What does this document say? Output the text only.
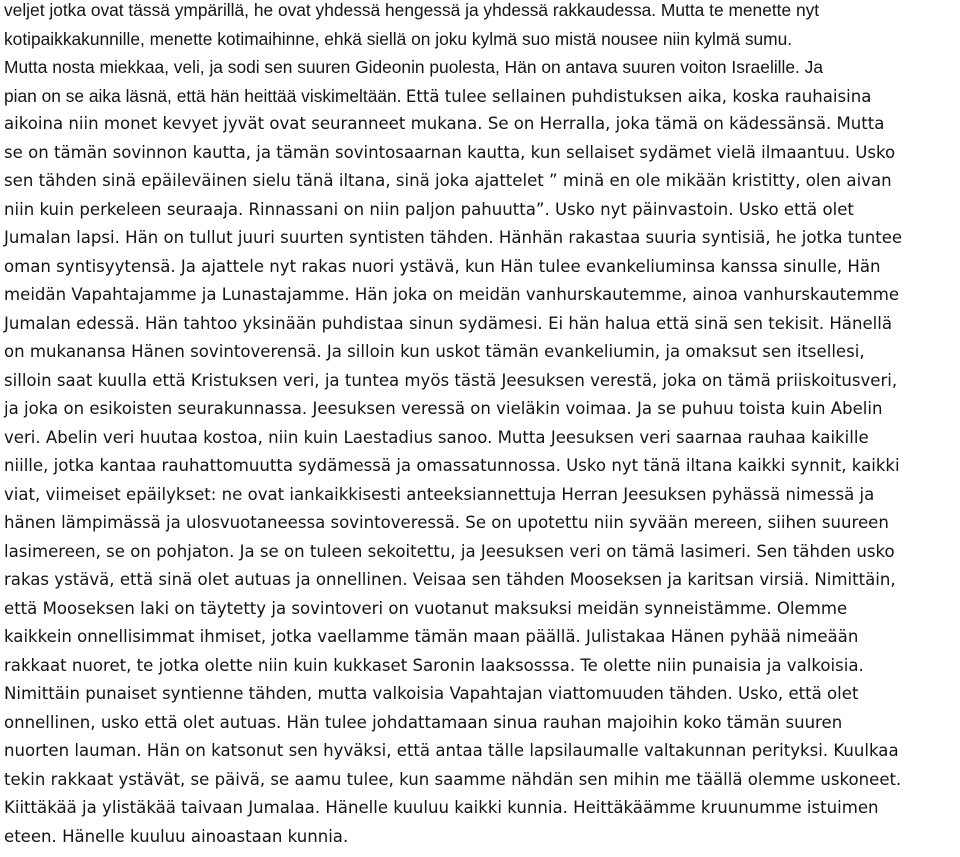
veljet jotka ovat tässä ympärillä, he ovat yhdessä hengessä ja yhdessä rakkaudessa. Mutta te menette nyt
kotipaikkakunnille, menette kotimaihinne, ehkä siellä on joku kylmä suo mistä nousee niin kylmä sumu.
Mutta nosta miekkaa, veli, ja sodi sen suuren Gideonin puolesta, Hän on antava suuren voiton Israelille. Ja
pian on se aika läsnä, että hän heittää viskimeltään. Että tulee sellainen puhdistuksen aika, koska rauhaisina
aikoina niin monet kevyet jyvät ovat seuranneet mukana. Se on Herralla, joka tämä on kädessänsä. Mutta
se on tämän sovinnon kautta, ja tämän sovintosaarnan kautta, kun sellaiset sydämet vielä ilmaantuu. Usko
sen tähden sinä epäileväinen sielu tänä iltana, sinä joka ajattelet ” minä en ole mikään kristitty, olen aivan
niin kuin perkeleen seuraaja. Rinnassani on niin paljon pahuutta”. Usko nyt päinvastoin. Usko että olet
Jumalan lapsi. Hän on tullut juuri suurten syntisten tähden. Hänhän rakastaa suuria syntisiä, he jotka tuntee
oman syntisyytensä. Ja ajattele nyt rakas nuori ystävä, kun Hän tulee evankeliuminsa kanssa sinulle, Hän
meidän Vapahtajamme ja Lunastajamme. Hän joka on meidän vanhurskautemme, ainoa vanhurskautemme
Jumalan edessä. Hän tahtoo yksinään puhdistaa sinun sydämesi. Ei hän halua että sinä sen tekisit. Hänellä
on mukanansa Hänen sovintoverensä. Ja silloin kun uskot tämän evankeliumin, ja omaksut sen itsellesi,
silloin saat kuulla että Kristuksen veri, ja tuntea myös tästä Jeesuksen verestä, joka on tämä priiskoitusveri,
ja joka on esikoisten seurakunnassa. Jeesuksen veressä on vieläkin voimaa. Ja se puhuu toista kuin Abelin
veri. Abelin veri huutaa kostoa, niin kuin Laestadius sanoo. Mutta Jeesuksen veri saarnaa rauhaa kaikille
niille, jotka kantaa rauhattomuutta sydämessä ja omassatunnossa. Usko nyt tänä iltana kaikki synnit, kaikki
viat, viimeiset epäilykset: ne ovat iankaikkisesti anteeksiannettuja Herran Jeesuksen pyhässä nimessä ja
hänen lämpimässä ja ulosvuotaneessa sovintoveressä. Se on upotettu niin syvään mereen, siihen suureen
lasimereen, se on pohjaton. Ja se on tuleen sekoitettu, ja Jeesuksen veri on tämä lasimeri. Sen tähden usko
rakas ystävä, että sinä olet autuas ja onnellinen. Veisaa sen tähden Mooseksen ja karitsan virsiä. Nimittäin,
että Mooseksen laki on täytetty ja sovintoveri on vuotanut maksuksi meidän synneistämme. Olemme
kaikkein onnellisimmat ihmiset, jotka vaellamme tämän maan päällä. Julistakaa Hänen pyhää nimeään
rakkaat nuoret, te jotka olette niin kuin kukkaset Saronin laaksosssa. Te olette niin punaisia ja valkoisia.
Nimittäin punaiset syntienne tähden, mutta valkoisia Vapahtajan viattomuuden tähden. Usko, että olet
onnellinen, usko että olet autuas. Hän tulee johdattamaan sinua rauhan majoihin koko tämän suuren
nuorten lauman. Hän on katsonut sen hyväksi, että antaa tälle lapsilaumalle valtakunnan perityksi. Kuulkaa
tekin rakkaat ystävät, se päivä, se aamu tulee, kun saamme nähdän sen mihin me täällä olemme uskoneet.
Kiittäkää ja ylistäkää taivaan Jumalaa. Hänelle kuuluu kaikki kunnia. Heittäkäämme kruunumme istuimen
eteen. Hänelle kuuluu ainoastaan kunnia.
